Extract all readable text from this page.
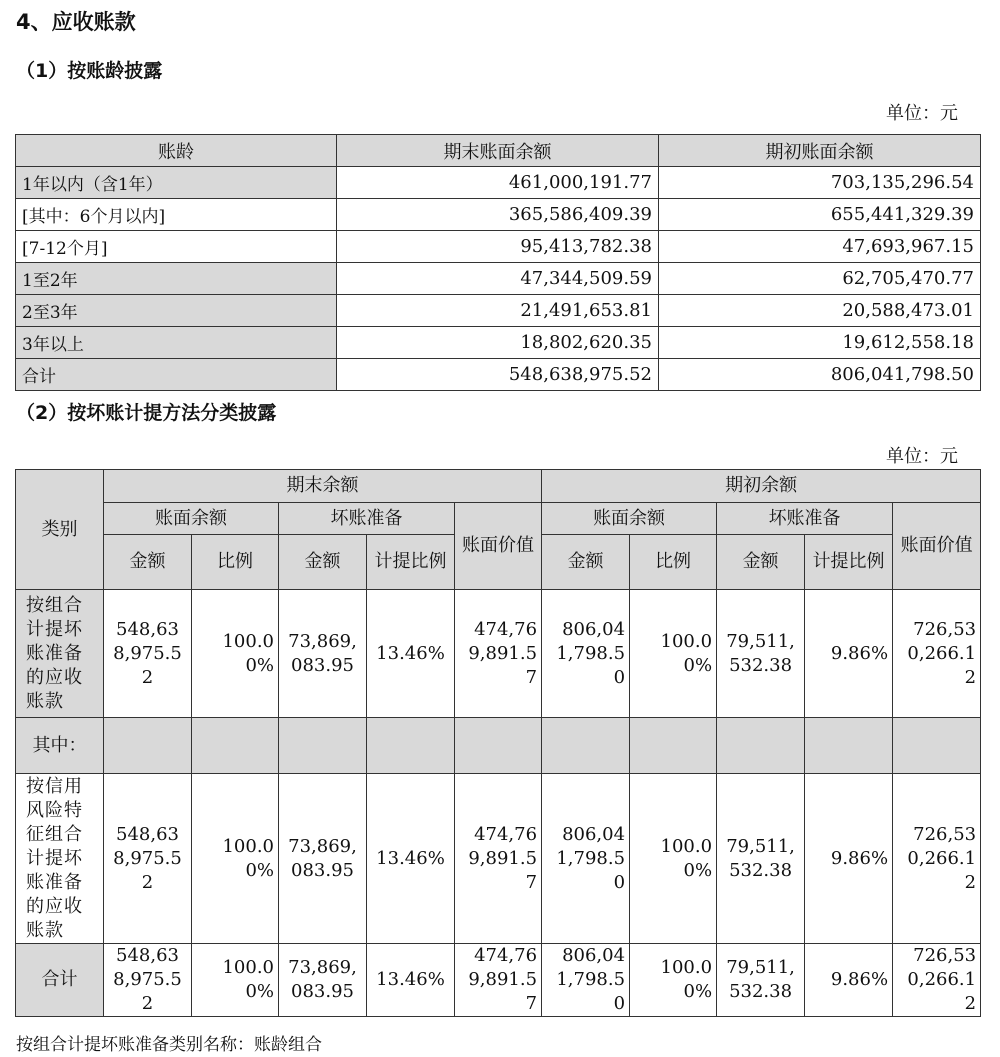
4、应收账款
（1）按账龄披露
单位：元
账龄	期末账面余额	期初账面余额
1年以内（含1年）	461,000,191.77	703,135,296.54
[其中：6个月以内]	365,586,409.39	655,441,329.39
[7-12个月]	95,413,782.38	47,693,967.15
1至2年	47,344,509.59	62,705,470.77
2至3年	21,491,653.81	20,588,473.01
3年以上	18,802,620.35	19,612,558.18
合计	548,638,975.52	806,041,798.50
（2）按坏账计提方法分类披露
单位：元
类别	期末余额					期初余额				
	账面余额		坏账准备		账面价值	账面余额		坏账准备		账面价值
	金额	比例	金额	计提比例		金额	比例	金额	计提比例	
按组合计提坏账准备的应收账款	548,638,975.52	100.00%	73,869,083.95	13.46%	474,769,891.57	806,041,798.50	100.00%	79,511,532.38	9.86%	726,530,266.12
其中：										
按信用风险特征组合计提坏账准备的应收账款	548,638,975.52	100.00%	73,869,083.95	13.46%	474,769,891.57	806,041,798.50	100.00%	79,511,532.38	9.86%	726,530,266.12
合计	548,638,975.52	100.00%	73,869,083.95	13.46%	474,769,891.57	806,041,798.50	100.00%	79,511,532.38	9.86%	726,530,266.12
按组合计提坏账准备类别名称：账龄组合
